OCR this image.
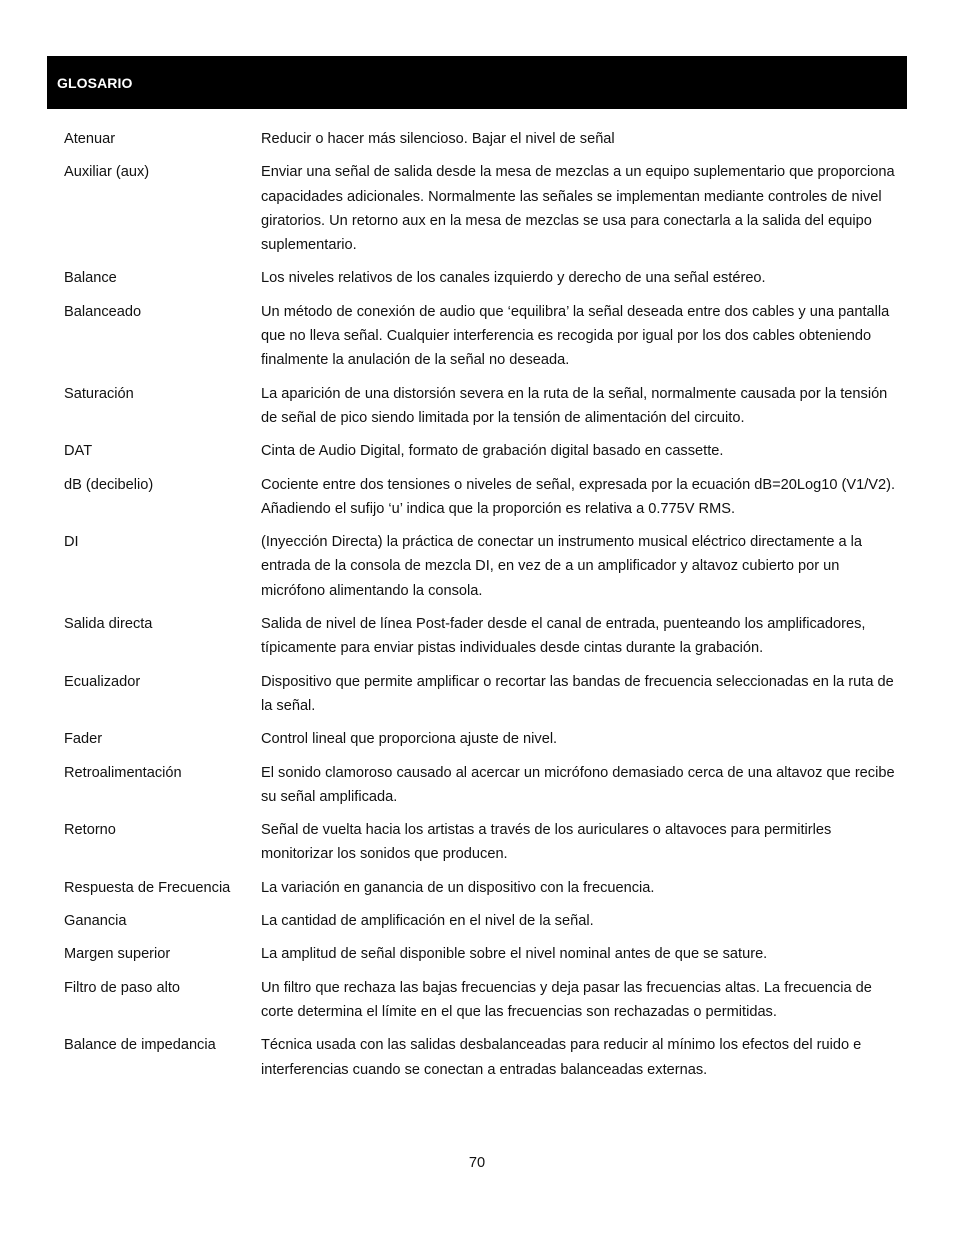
GLOSARIO
Atenuar	Reducir o hacer más silencioso. Bajar el nivel de señal
Auxiliar (aux)	Enviar una señal de salida desde la mesa de mezclas a un equipo suplementario que proporciona capacidades adicionales. Normalmente las señales se implementan mediante controles de nivel giratorios. Un retorno aux en la mesa de mezclas se usa para conectarla a la salida del equipo suplementario.
Balance	Los niveles relativos de los canales izquierdo y derecho de una señal estéreo.
Balanceado	Un método de conexión de audio que ‘equilibra’ la señal deseada entre dos cables y una pantalla que no lleva señal. Cualquier interferencia es recogida por igual por los dos cables obteniendo finalmente la anulación de la señal no deseada.
Saturación	La aparición de una distorsión severa en la ruta de la señal, normalmente causada por la tensión de señal de pico siendo limitada por la tensión de alimentación del circuito.
DAT	Cinta de Audio Digital, formato de grabación digital basado en cassette.
dB (decibelio)	Cociente entre dos tensiones o niveles de señal, expresada por la ecuación dB=20Log10 (V1/V2). Añadiendo el sufijo ‘u’ indica que la proporción es relativa a 0.775V RMS.
DI	(Inyección Directa) la práctica de conectar un instrumento musical eléctrico directamente a la entrada de la consola de mezcla DI, en vez de a un amplificador y altavoz cubierto por un micrófono alimentando la consola.
Salida directa	Salida de nivel de línea Post-fader desde el canal de entrada, puenteando los amplificadores, típicamente para enviar pistas individuales desde cintas durante la grabación.
Ecualizador	Dispositivo que permite amplificar o recortar las bandas de frecuencia seleccionadas en la ruta de la señal.
Fader	Control lineal que proporciona ajuste de nivel.
Retroalimentación	El sonido clamoroso causado al acercar un micrófono demasiado cerca de una altavoz que recibe su señal amplificada.
Retorno	Señal de vuelta hacia los artistas a través de los auriculares o altavoces para permitirles monitorizar los sonidos que producen.
Respuesta de Frecuencia	La variación en ganancia de un dispositivo con la frecuencia.
Ganancia	La cantidad de amplificación en el nivel de la señal.
Margen superior	La amplitud de señal disponible sobre el nivel nominal antes de que se sature.
Filtro de paso alto	Un filtro que rechaza las bajas frecuencias y deja pasar las frecuencias altas. La frecuencia de corte determina el límite en el que las frecuencias son rechazadas o permitidas.
Balance de impedancia	Técnica usada con las salidas desbalanceadas para reducir al mínimo los efectos del ruido e interferencias cuando se conectan a entradas balanceadas externas.
70
